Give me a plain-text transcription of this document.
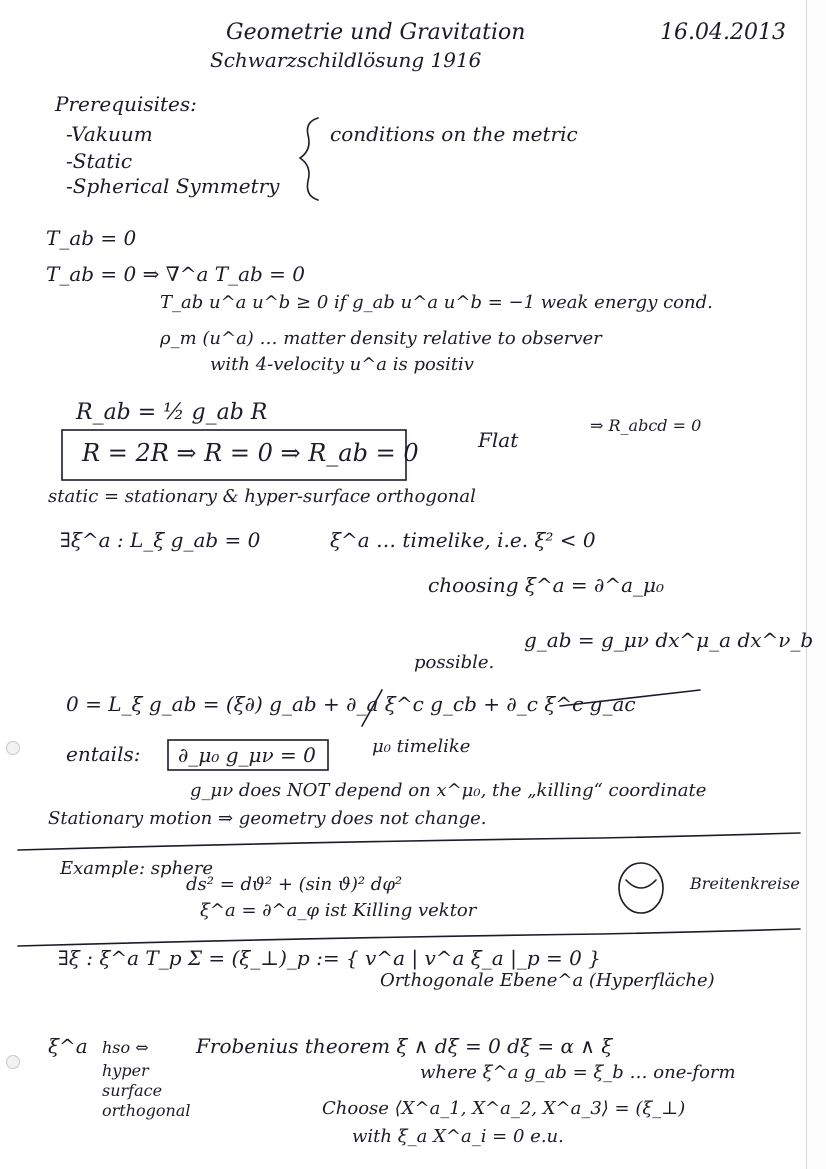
Geometrie und Gravitation
Schwarzschildlösung 1916
16.04.2013
Prerequisites:
-Vakuum
-Static
-Spherical Symmetry
conditions on the metric
T_ab = 0
T_ab = 0 ⇒ ∇^a T_ab = 0
T_ab u^a u^b ≥ 0 if g_ab u^a u^b = −1 weak energy cond.
ρ_m (u^a) … matter density relative to observer
with 4-velocity u^a is positiv
R_ab = ½ g_ab R
R = 2R ⇒ R = 0 ⇒ R_ab = 0	Flat
⇒ R_abcd = 0
static = stationary & hyper-surface orthogonal
∃ξ^a : L_ξ g_ab = 0	ξ^a … timelike, i.e. ξ² < 0
choosing ξ^a = ∂^a_μ₀
g_ab = g_μν dx^μ_a dx^ν_b
possible.
0 = L_ξ g_ab = (ξ∂) g_ab + ∂_a ξ^c g_cb + ∂_c ξ^c g_ac
entails: ∂_μ₀ g_μν = 0	μ₀ timelike
g_μν does NOT depend on x^μ₀, the „killing“ coordinate
Stationary motion ⇒ geometry does not change.
Example: sphere
ds² = dϑ² + (sin ϑ)² dφ²
ξ^a = ∂^a_φ ist Killing vektor
Breitenkreise
∃ξ : ξ^a T_p Σ = (ξ_⊥)_p := { v^a | v^a ξ_a |_p = 0 }
Orthogonale Ebene^a (Hyperfläche)
ξ^a hso ⇔
hyper
surface
orthogonal
Frobenius theorem ξ ∧ dξ = 0 dξ = α ∧ ξ
where ξ^a g_ab = ξ_b … one-form
Choose ⟨X^a_1, X^a_2, X^a_3⟩ = (ξ_⊥)
with ξ_a X^a_i = 0 e.u.
